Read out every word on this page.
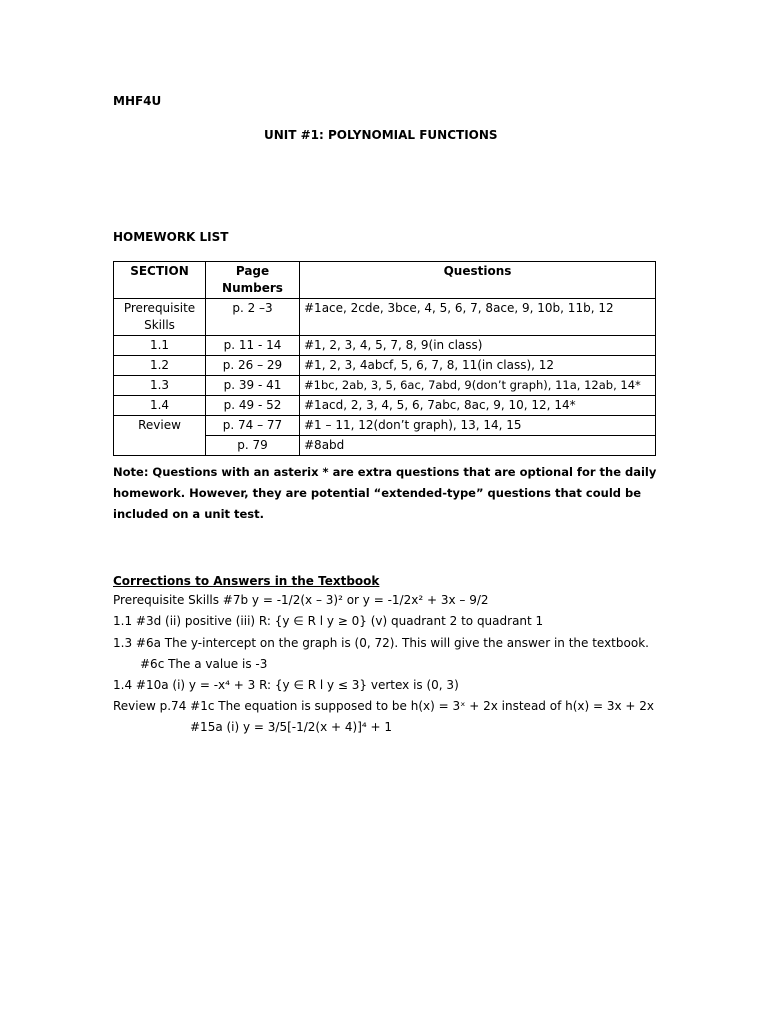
MHF4U
UNIT #1: POLYNOMIAL FUNCTIONS
HOMEWORK LIST
SECTION	Page Numbers	Questions
Prerequisite Skills	p. 2 –3	#1ace, 2cde, 3bce, 4, 5, 6, 7, 8ace, 9, 10b, 11b, 12
1.1	p. 11 - 14	#1, 2, 3, 4, 5, 7, 8, 9(in class)
1.2	p. 26 – 29	#1, 2, 3, 4abcf, 5, 6, 7, 8, 11(in class), 12
1.3	p. 39 - 41	#1bc, 2ab, 3, 5, 6ac, 7abd, 9(don’t graph), 11a, 12ab, 14*
1.4	p. 49 - 52	#1acd, 2, 3, 4, 5, 6, 7abc, 8ac, 9, 10, 12, 14*
Review	p. 74 – 77	#1 – 11, 12(don’t graph), 13, 14, 15
	p. 79	#8abd
Note: Questions with an asterix * are extra questions that are optional for the daily homework. However, they are potential “extended-type” questions that could be included on a unit test.
Corrections to Answers in the Textbook
Prerequisite Skills #7b y = -1/2(x – 3)² or y = -1/2x² + 3x – 9/2
1.1 #3d (ii) positive (iii) R: {y ∈ R l y ≥ 0} (v) quadrant 2 to quadrant 1
1.3 #6a The y-intercept on the graph is (0, 72). This will give the answer in the textbook.
#6c The a value is -3
1.4 #10a (i) y = -x⁴ + 3 R: {y ∈ R l y ≤ 3} vertex is (0, 3)
Review p.74 #1c The equation is supposed to be h(x) = 3ˣ + 2x instead of h(x) = 3x + 2x
#15a (i) y = 3/5[-1/2(x + 4)]⁴ + 1
